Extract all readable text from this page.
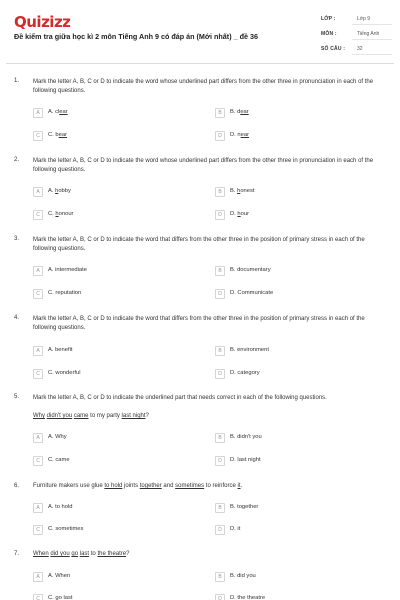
Quizizz
Đề kiểm tra giữa học kì 2 môn Tiếng Anh 9 có đáp án (Mới nhất) _ đề 36
LỚP :	Lớp 9
MÔN :	Tiếng Anh
SỐ CÂU : 32
1. Mark the letter A, B, C or D to indicate the word whose underlined part differs from the other three in pronunciation in each of the following questions.
A	A. clear	B	B. dear
C	C. bear	D	D. near
2. Mark the letter A, B, C or D to indicate the word whose underlined part differs from the other three in pronunciation in each of the following questions.
A	A. hobby	B	B. honest
C	C. honour	D	D. hour
3. Mark the letter A, B, C or D to indicate the word that differs from the other three in the position of primary stress in each of the following questions.
A	A. intermediate	B	B. documentary
C	C. reputation	D	D. Communicate
4. Mark the letter A, B, C or D to indicate the word that differs from the other three in the position of primary stress in each of the following questions.
A	A. benefit	B	B. environment
C	C. wonderful	D	D. category
5. Mark the letter A, B, C or D to indicate the underlined part that needs correct in each of the following questions.
Why didn't you came to my party last night?
A	A. Why	B	B. didn't you
C	C. came	D	D. last night
6. Furniture makers use glue to hold joints together and sometimes to reinforce it.
A	A. to hold	B	B. together
C	C. sometimes	D	D. it
7. When did you go last to the theatre?
A	A. When	B	B. did you
C	C. go last	D	D. the theatre
